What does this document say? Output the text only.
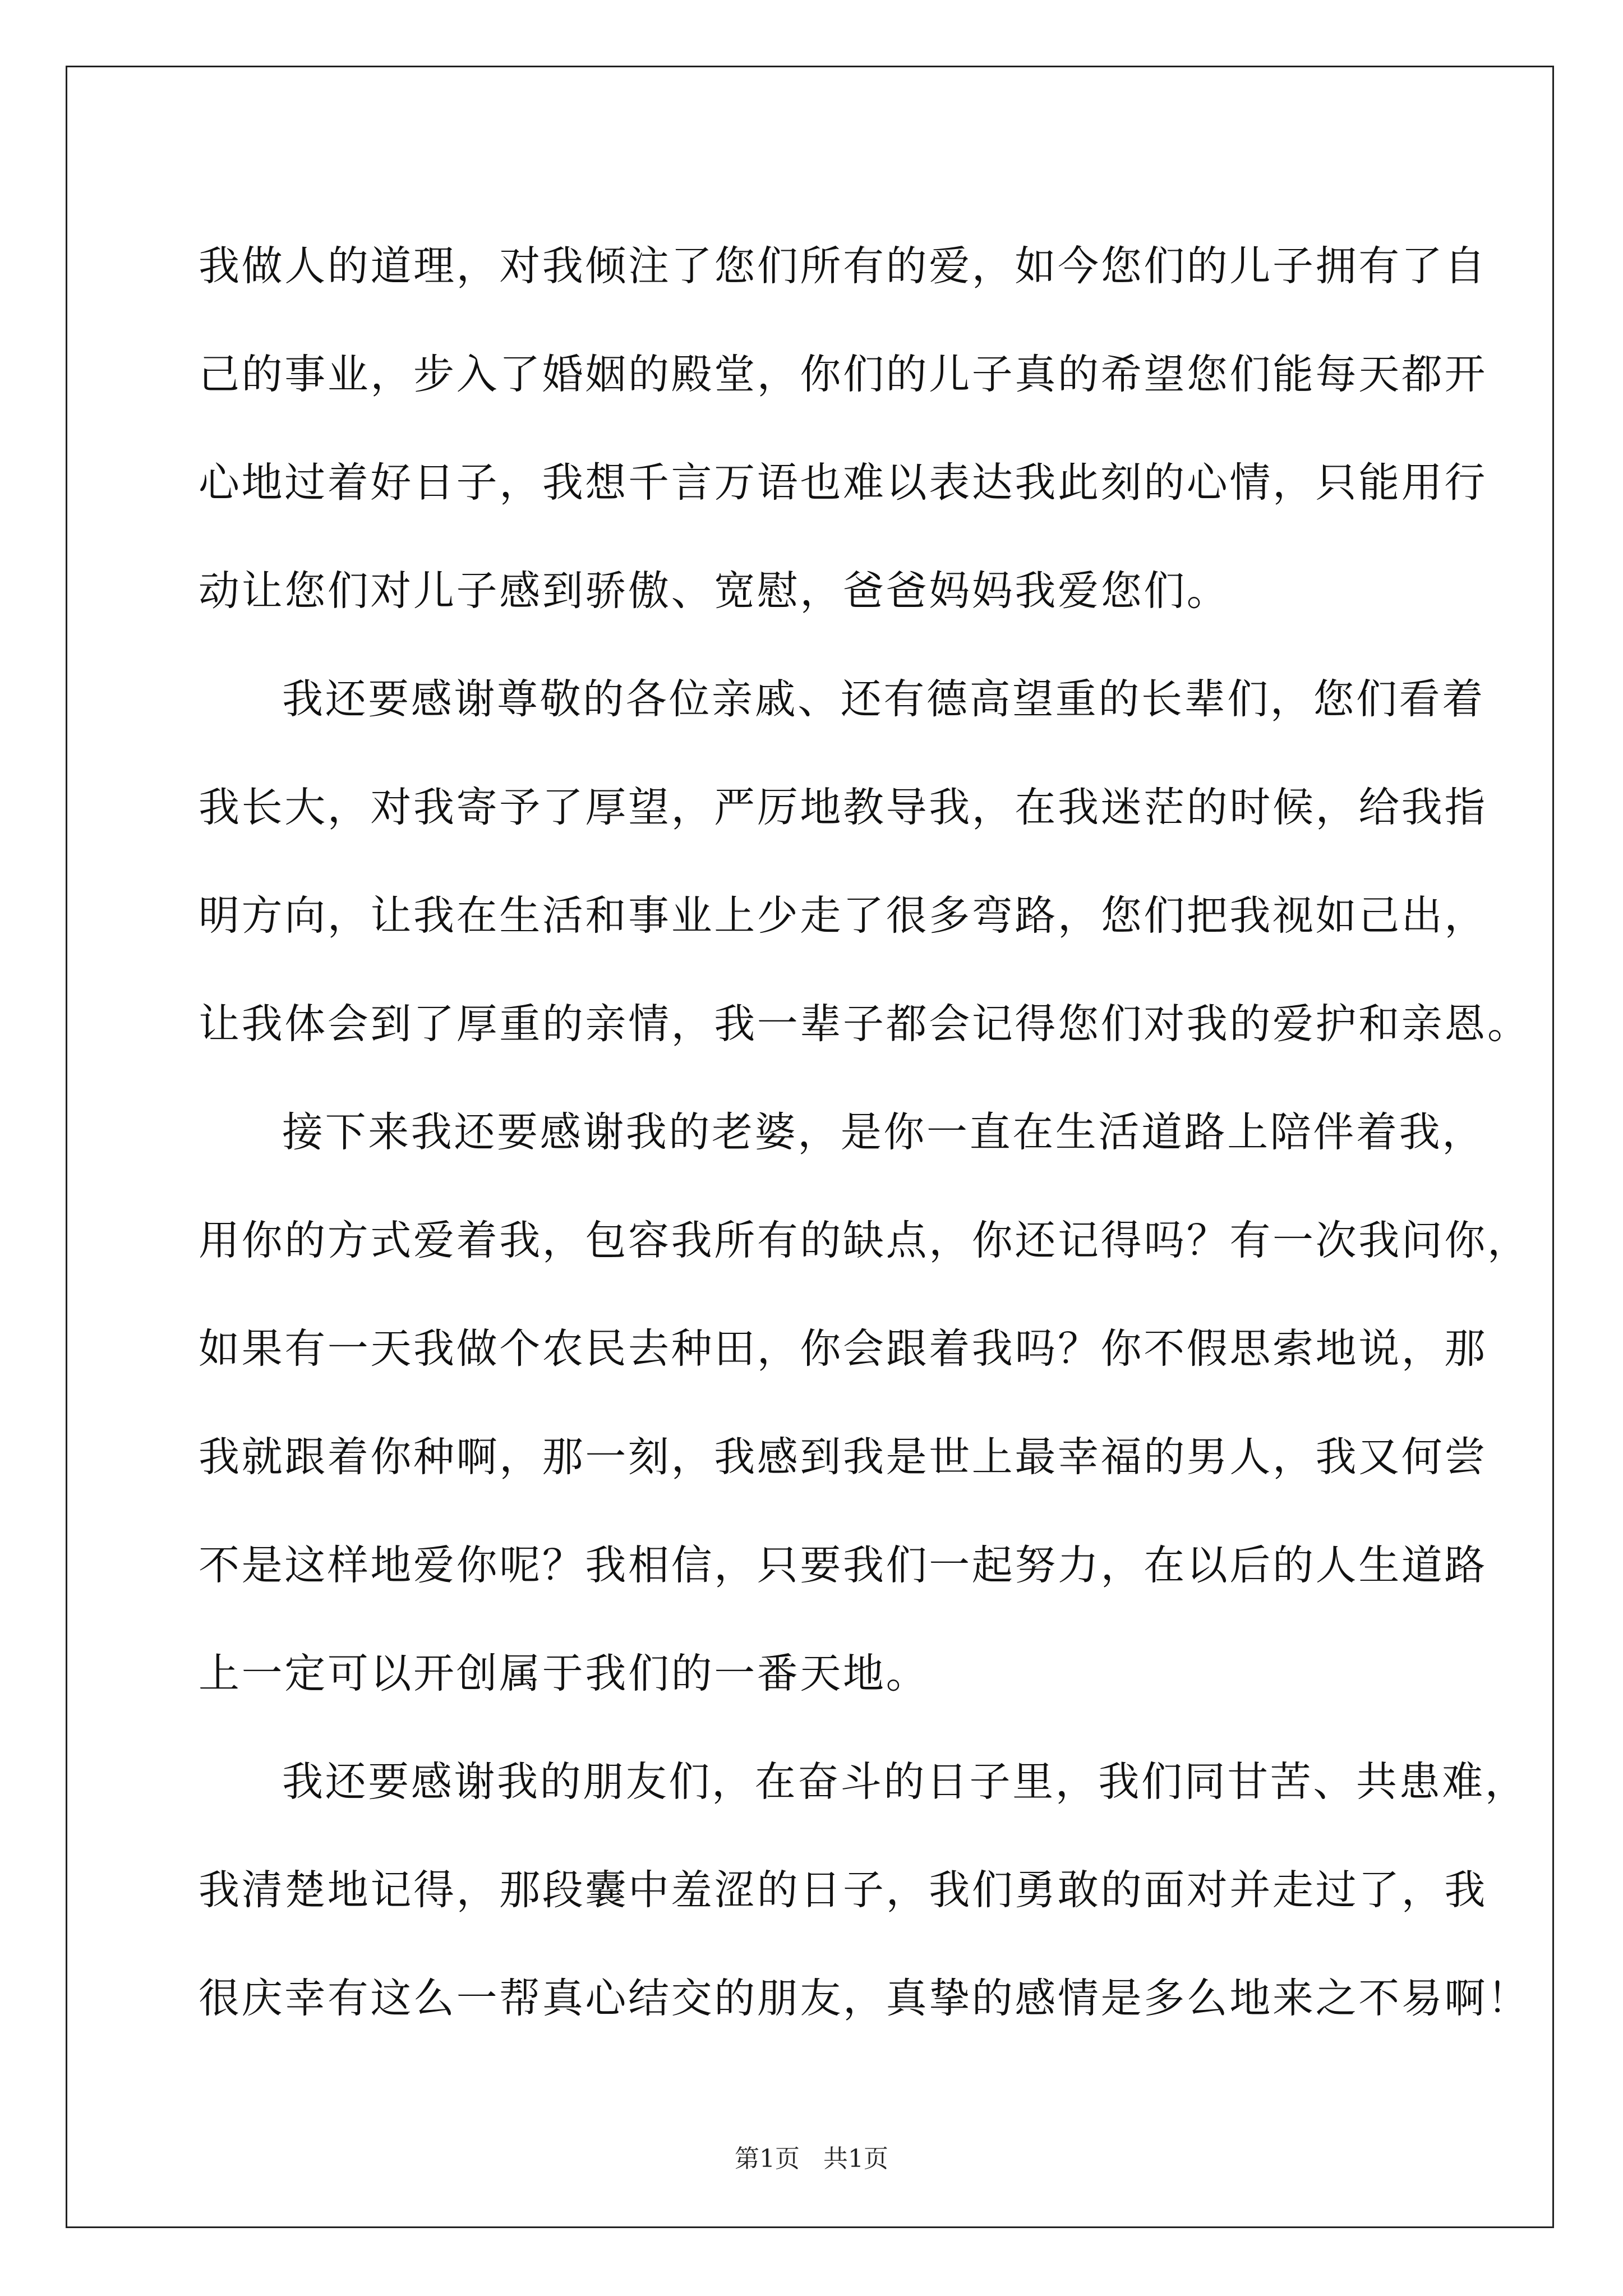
我做人的道理，对我倾注了您们所有的爱，如今您们的儿子拥有了自
己的事业，步入了婚姻的殿堂，你们的儿子真的希望您们能每天都开
心地过着好日子，我想千言万语也难以表达我此刻的心情，只能用行
动让您们对儿子感到骄傲、宽慰，爸爸妈妈我爱您们。
我还要感谢尊敬的各位亲戚、还有德高望重的长辈们，您们看着
我长大，对我寄予了厚望，严厉地教导我，在我迷茫的时候，给我指
明方向，让我在生活和事业上少走了很多弯路，您们把我视如己出，
让我体会到了厚重的亲情，我一辈子都会记得您们对我的爱护和亲恩。
接下来我还要感谢我的老婆，是你一直在生活道路上陪伴着我，
用你的方式爱着我，包容我所有的缺点，你还记得吗？有一次我问你，
如果有一天我做个农民去种田，你会跟着我吗？你不假思索地说，那
我就跟着你种啊，那一刻，我感到我是世上最幸福的男人，我又何尝
不是这样地爱你呢？我相信，只要我们一起努力，在以后的人生道路
上一定可以开创属于我们的一番天地。
我还要感谢我的朋友们，在奋斗的日子里，我们同甘苦、共患难，
我清楚地记得，那段囊中羞涩的日子，我们勇敢的面对并走过了，我
很庆幸有这么一帮真心结交的朋友，真挚的感情是多么地来之不易啊！
第1页   共1页
